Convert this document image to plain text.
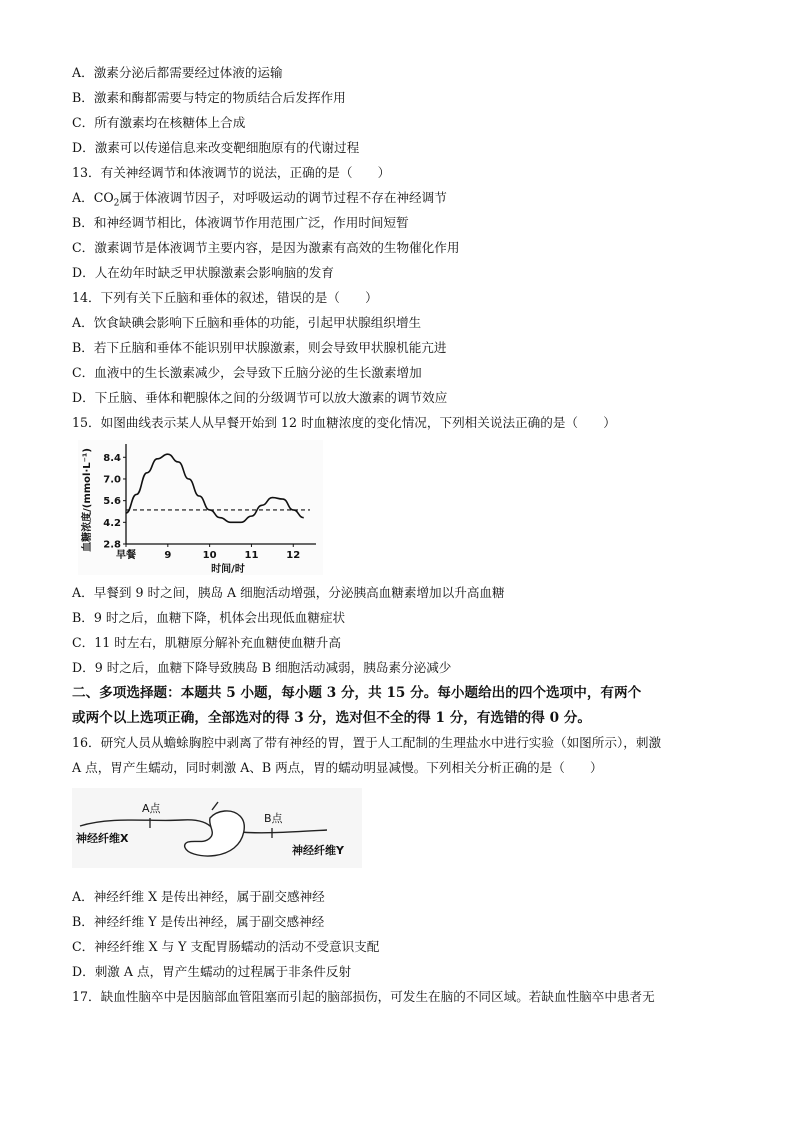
A．激素分泌后都需要经过体液的运输
B．激素和酶都需要与特定的物质结合后发挥作用
C．所有激素均在核糖体上合成
D．激素可以传递信息来改变靶细胞原有的代谢过程
13．有关神经调节和体液调节的说法，正确的是（　　）
A．$CO_2$属于体液调节因子，对呼吸运动的调节过程不存在神经调节
B．和神经调节相比，体液调节作用范围广泛，作用时间短暂
C．激素调节是体液调节主要内容，是因为激素有高效的生物催化作用
D．人在幼年时缺乏甲状腺激素会影响脑的发育
14．下列有关下丘脑和垂体的叙述，错误的是（　　）
A．饮食缺碘会影响下丘脑和垂体的功能，引起甲状腺组织增生
B．若下丘脑和垂体不能识别甲状腺激素，则会导致甲状腺机能亢进
C．血液中的生长激素减少，会导致下丘脑分泌的生长激素增加
D．下丘脑、垂体和靶腺体之间的分级调节可以放大激素的调节效应
15．如图曲线表示某人从早餐开始到 12 时血糖浓度的变化情况，下列相关说法正确的是（　　）
8.4
7.0
5.6
4.2
2.8
早餐	9	10	11	12
时间/时
血糖浓度/(mmol·L⁻¹)
A．早餐到 9 时之间，胰岛 A 细胞活动增强，分泌胰高血糖素增加以升高血糖
B．9 时之后，血糖下降，机体会出现低血糖症状
C．11 时左右，肌糖原分解补充血糖使血糖升高
D．9 时之后，血糖下降导致胰岛 B 细胞活动减弱，胰岛素分泌减少
二、多项选择题：本题共 5 小题，每小题 3 分，共 15 分。每小题给出的四个选项中，有两个
或两个以上选项正确，全部选对的得 3 分，选对但不全的得 1 分，有选错的得 0 分。
16．研究人员从蟾蜍胸腔中剥离了带有神经的胃，置于人工配制的生理盐水中进行实验（如图所示），刺激
A 点，胃产生蠕动，同时刺激 A、B 两点，胃的蠕动明显减慢。下列相关分析正确的是（　　）
A点
B点
神经纤维X
神经纤维Y
A．神经纤维 X 是传出神经，属于副交感神经
B．神经纤维 Y 是传出神经，属于副交感神经
C．神经纤维 X 与 Y 支配胃肠蠕动的活动不受意识支配
D．刺激 A 点，胃产生蠕动的过程属于非条件反射
17．缺血性脑卒中是因脑部血管阻塞而引起的脑部损伤，可发生在脑的不同区域。若缺血性脑卒中患者无
